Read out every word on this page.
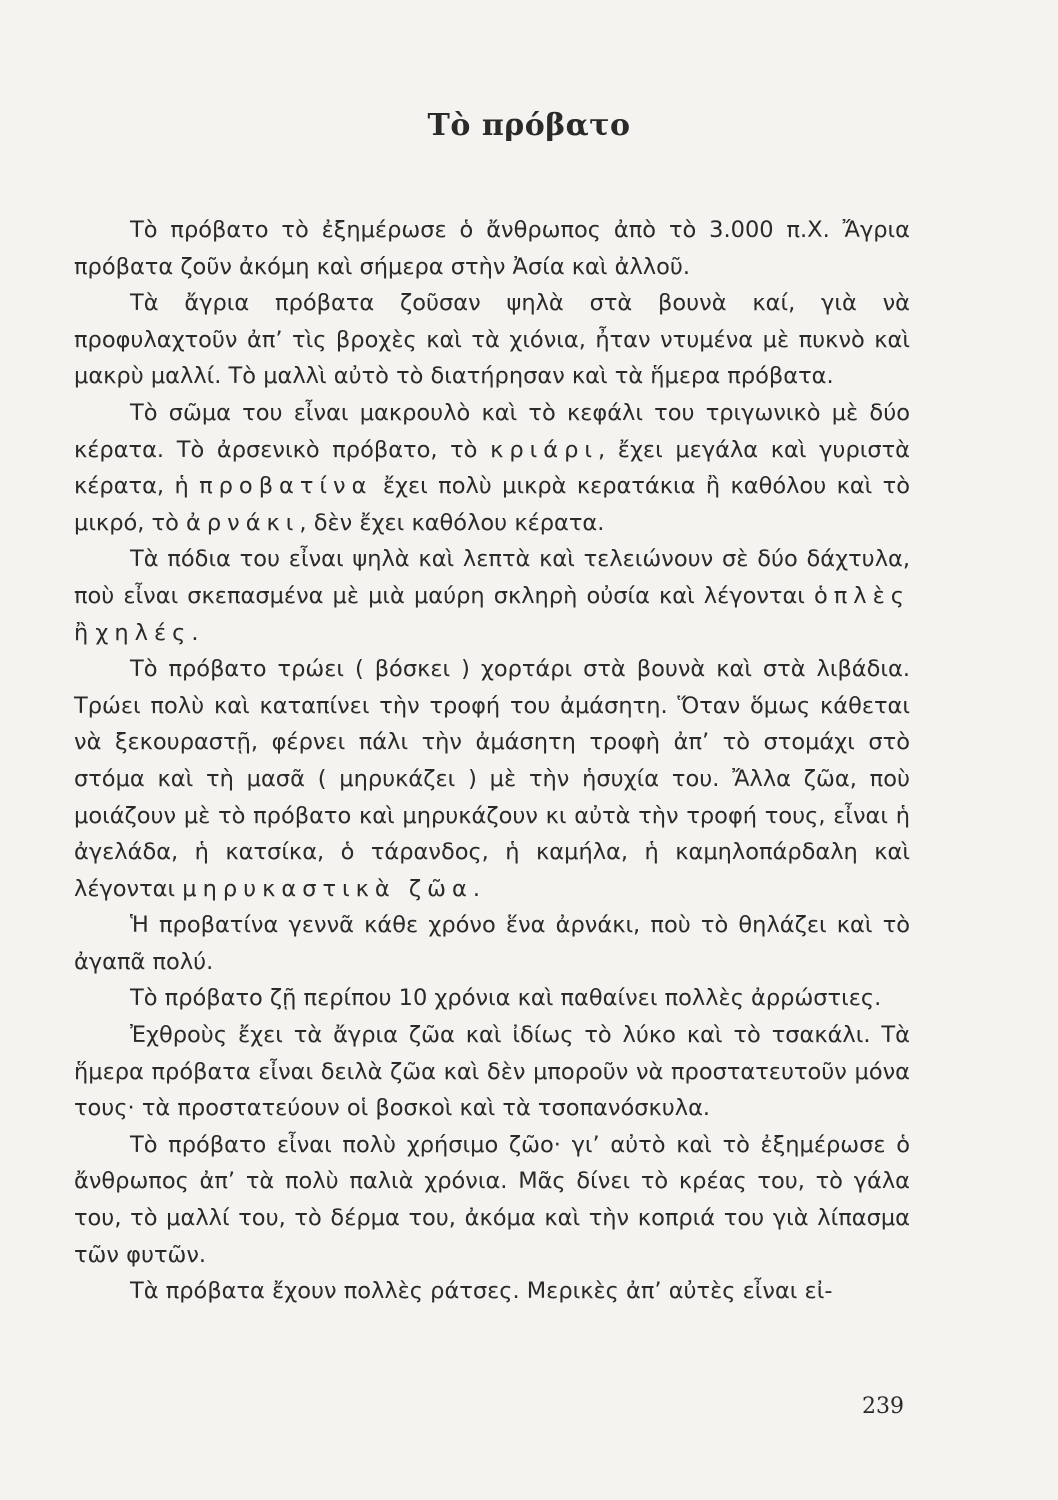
Τὸ πρόβατο

Τὸ πρόβατο τὸ ἐξημέρωσε ὁ ἄνθρωπος ἀπὸ τὸ 3.000 π.Χ. Ἄγρια πρόβατα ζοῦν ἀκόμη καὶ σήμερα στὴν Ἀσία καὶ ἀλλοῦ.

Τὰ ἄγρια πρόβατα ζοῦσαν ψηλὰ στὰ βουνὰ καί, γιὰ νὰ προφυλαχτοῦν ἀπ’ τὶς βροχὲς καὶ τὰ χιόνια, ἦταν ντυμένα μὲ πυκνὸ καὶ μακρὺ μαλλί. Τὸ μαλλὶ αὐτὸ τὸ διατήρησαν καὶ τὰ ἥμερα πρόβατα.

Τὸ σῶμα του εἶναι μακρουλὸ καὶ τὸ κεφάλι του τριγωνικὸ μὲ δύο κέρατα. Τὸ ἀρσενικὸ πρόβατο, τὸ κριάρι, ἔχει μεγάλα καὶ γυριστὰ κέρατα, ἡ προβατίνα ἔχει πολὺ μικρὰ κερατάκια ἢ καθόλου καὶ τὸ μικρό, τὸ ἀρνάκι, δὲν ἔχει καθόλου κέρατα.

Τὰ πόδια του εἶναι ψηλὰ καὶ λεπτὰ καὶ τελειώνουν σὲ δύο δάχτυλα, ποὺ εἶναι σκεπασμένα μὲ μιὰ μαύρη σκληρὴ οὐσία καὶ λέγονται ὁπλὲς ἢ χηλές.

Τὸ πρόβατο τρώει ( βόσκει ) χορτάρι στὰ βουνὰ καὶ στὰ λιβάδια. Τρώει πολὺ καὶ καταπίνει τὴν τροφή του ἀμάσητη. Ὅταν ὅμως κάθεται νὰ ξεκουραστῇ, φέρνει πάλι τὴν ἀμάσητη τροφὴ ἀπ’ τὸ στομάχι στὸ στόμα καὶ τὴ μασᾶ ( μηρυκάζει ) μὲ τὴν ἡσυχία του. Ἄλλα ζῶα, ποὺ μοιάζουν μὲ τὸ πρόβατο καὶ μηρυκάζουν κι αὐτὰ τὴν τροφή τους, εἶναι ἡ ἀγελάδα, ἡ κατσίκα, ὁ τάρανδος, ἡ καμήλα, ἡ καμηλοπάρδαλη καὶ λέγονται μηρυκαστικὰ ζῶα.

Ἡ προβατίνα γεννᾶ κάθε χρόνο ἕνα ἀρνάκι, ποὺ τὸ θηλάζει καὶ τὸ ἀγαπᾶ πολύ.

Τὸ πρόβατο ζῇ περίπου 10 χρόνια καὶ παθαίνει πολλὲς ἀρρώστιες.

Ἐχθροὺς ἔχει τὰ ἄγρια ζῶα καὶ ἰδίως τὸ λύκο καὶ τὸ τσακάλι. Τὰ ἥμερα πρόβατα εἶναι δειλὰ ζῶα καὶ δὲν μποροῦν νὰ προστατευτοῦν μόνα τους· τὰ προστατεύουν οἱ βοσκοὶ καὶ τὰ τσοπανόσκυλα.

Τὸ πρόβατο εἶναι πολὺ χρήσιμο ζῶο· γι’ αὐτὸ καὶ τὸ ἐξημέρωσε ὁ ἄνθρωπος ἀπ’ τὰ πολὺ παλιὰ χρόνια. Μᾶς δίνει τὸ κρέας του, τὸ γάλα του, τὸ μαλλί του, τὸ δέρμα του, ἀκόμα καὶ τὴν κοπριά του γιὰ λίπασμα τῶν φυτῶν.

Τὰ πρόβατα ἔχουν πολλὲς ράτσες. Μερικὲς ἀπ’ αὐτὲς εἶναι εἰ-

239
